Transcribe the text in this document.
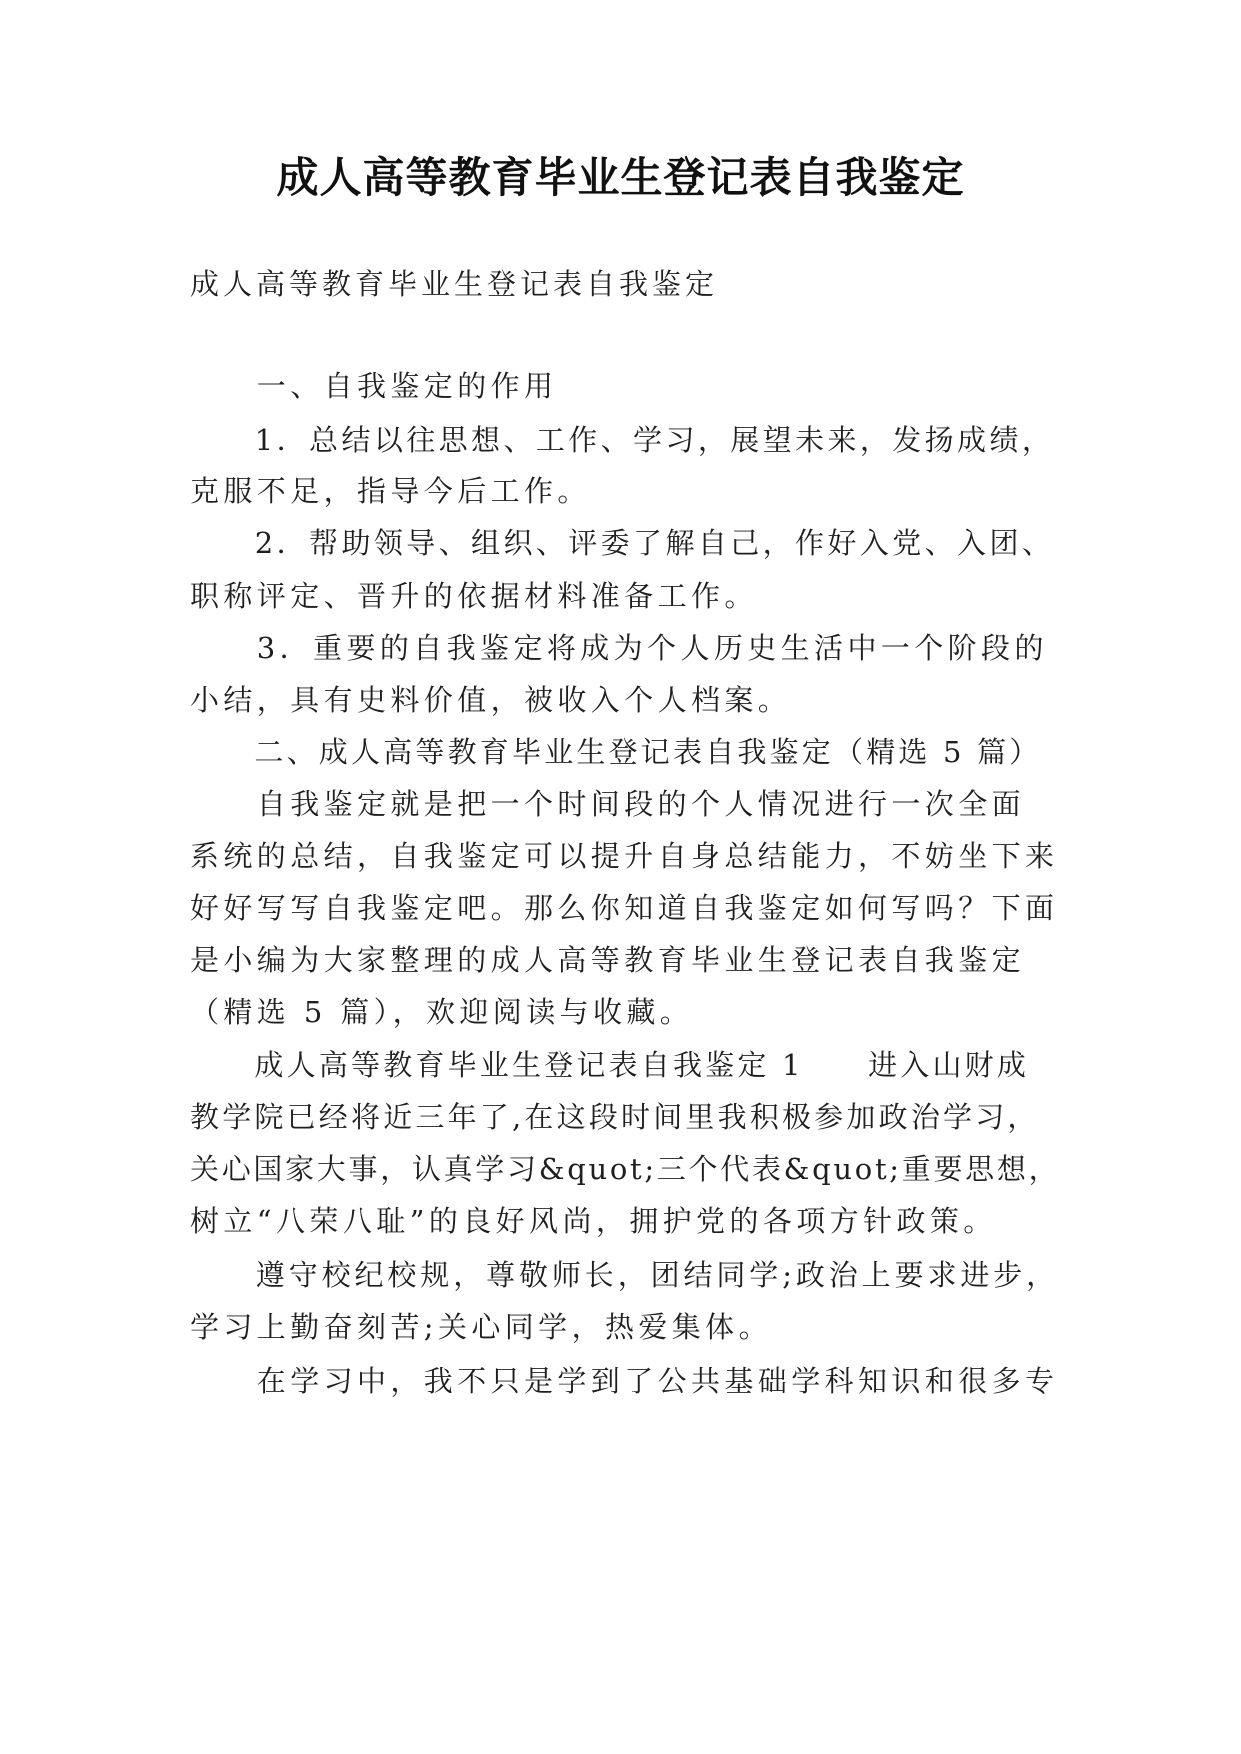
成人高等教育毕业生登记表自我鉴定
成人高等教育毕业生登记表自我鉴定
　　一、自我鉴定的作用
　　1．总结以往思想、工作、学习，展望未来，发扬成绩，
克服不足，指导今后工作。
　　2．帮助领导、组织、评委了解自己，作好入党、入团、
职称评定、晋升的依据材料准备工作。
　　3．重要的自我鉴定将成为个人历史生活中一个阶段的
小结，具有史料价值，被收入个人档案。
　　二、成人高等教育毕业生登记表自我鉴定（精选 5 篇）
　　自我鉴定就是把一个时间段的个人情况进行一次全面
系统的总结，自我鉴定可以提升自身总结能力，不妨坐下来
好好写写自我鉴定吧。那么你知道自我鉴定如何写吗？下面
是小编为大家整理的成人高等教育毕业生登记表自我鉴定
（精选 5 篇），欢迎阅读与收藏。
　　成人高等教育毕业生登记表自我鉴定 1　　进入山财成
教学院已经将近三年了,在这段时间里我积极参加政治学习，
关心国家大事，认真学习&quot;三个代表&quot;重要思想，
树立“八荣八耻”的良好风尚，拥护党的各项方针政策。
　　遵守校纪校规，尊敬师长，团结同学;政治上要求进步，
学习上勤奋刻苦;关心同学，热爱集体。
　　在学习中，我不只是学到了公共基础学科知识和很多专
